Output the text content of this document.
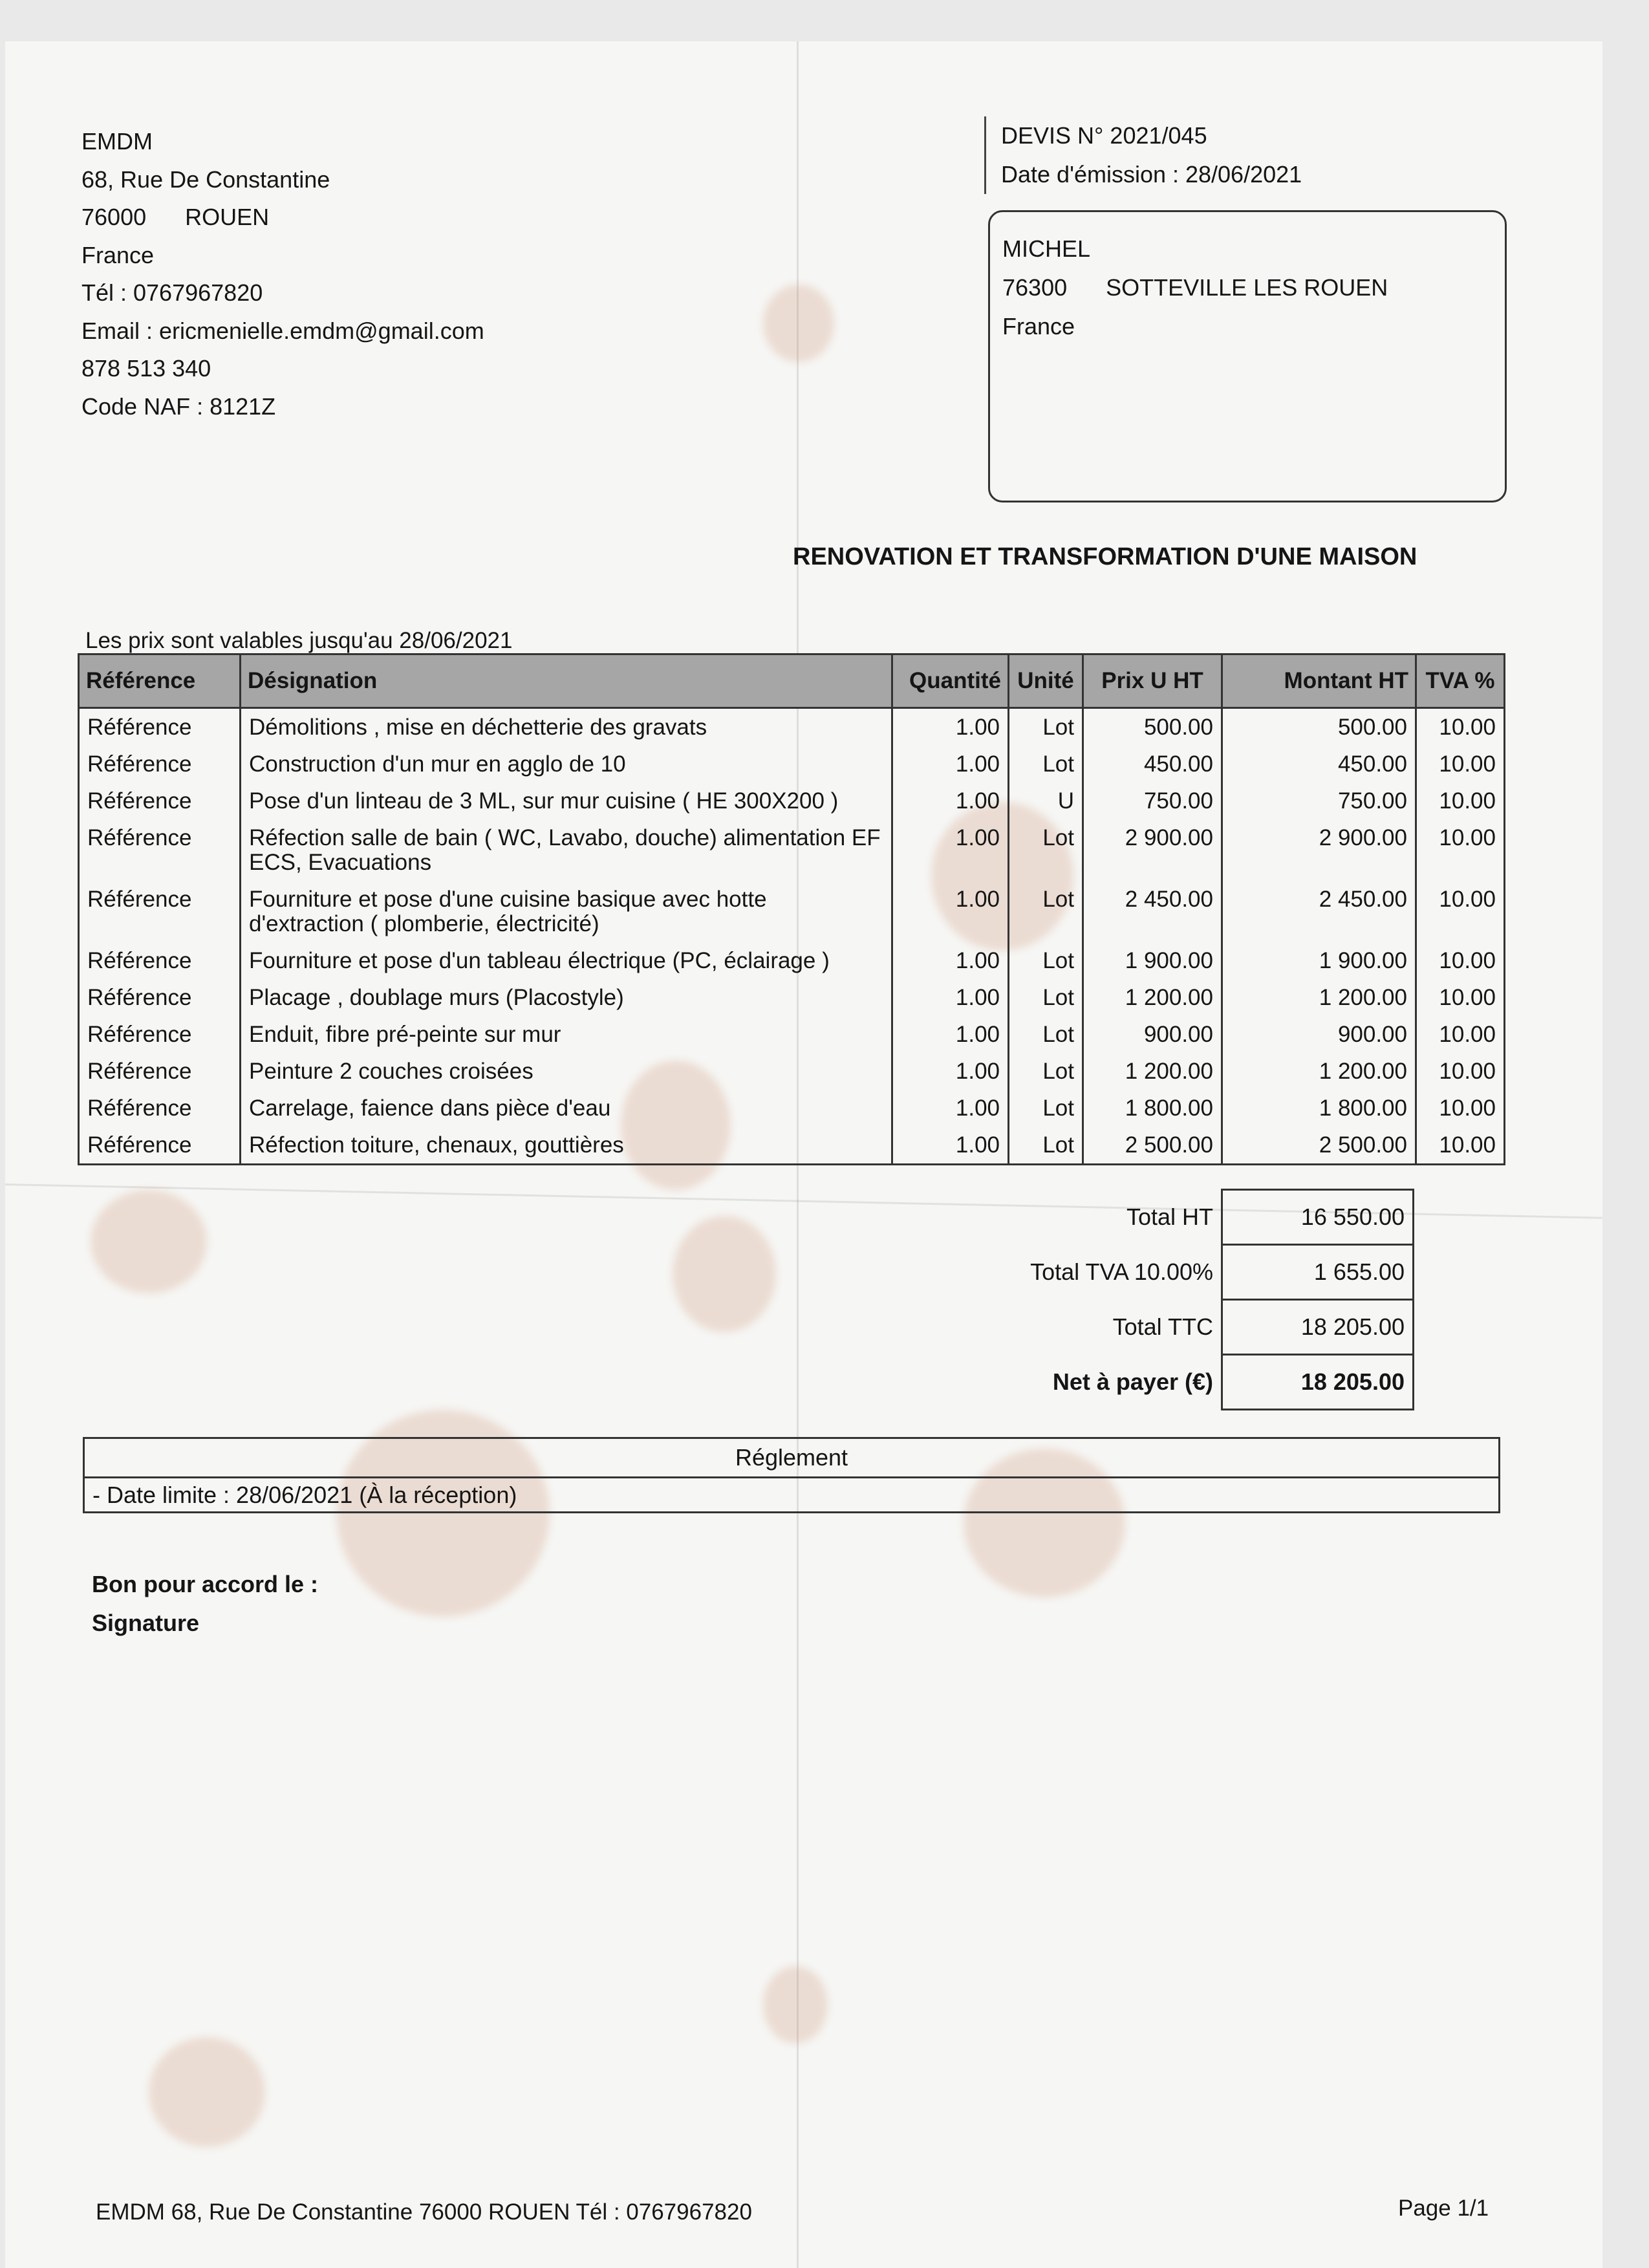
EMDM
68, Rue De Constantine
76000      ROUEN
France
Tél : 0767967820
Email : ericmenielle.emdm@gmail.com
878 513 340
Code NAF : 8121Z
DEVIS N° 2021/045
Date d'émission : 28/06/2021
MICHEL
76300      SOTTEVILLE LES ROUEN
France
RENOVATION ET TRANSFORMATION D'UNE MAISON
Les prix sont valables jusqu'au 28/06/2021
Référence	Désignation	Quantité	Unité	Prix U HT	Montant HT	TVA %
Référence	Démolitions , mise en déchetterie des gravats	1.00	Lot	500.00	500.00	10.00
Référence	Construction d'un mur en agglo de 10	1.00	Lot	450.00	450.00	10.00
Référence	Pose d'un linteau de 3 ML, sur mur cuisine ( HE 300X200 )	1.00	U	750.00	750.00	10.00
Référence	Réfection salle de bain ( WC, Lavabo, douche) alimentation EF ECS, Evacuations	1.00	Lot	2 900.00	2 900.00	10.00
Référence	Fourniture et pose d'une cuisine basique avec hotte d'extraction ( plomberie, électricité)	1.00	Lot	2 450.00	2 450.00	10.00
Référence	Fourniture et pose d'un tableau électrique (PC, éclairage )	1.00	Lot	1 900.00	1 900.00	10.00
Référence	Placage , doublage murs (Placostyle)	1.00	Lot	1 200.00	1 200.00	10.00
Référence	Enduit, fibre pré-peinte sur mur	1.00	Lot	900.00	900.00	10.00
Référence	Peinture 2 couches croisées	1.00	Lot	1 200.00	1 200.00	10.00
Référence	Carrelage, faience dans pièce d'eau	1.00	Lot	1 800.00	1 800.00	10.00
Référence	Réfection toiture, chenaux, gouttières	1.00	Lot	2 500.00	2 500.00	10.00
Total HT	16 550.00
Total TVA 10.00%	1 655.00
Total TTC	18 205.00
Net à payer (€)	18 205.00
Réglement
- Date limite : 28/06/2021 (À la réception)
Bon pour accord le :
Signature
EMDM 68, Rue De Constantine 76000 ROUEN Tél : 0767967820	Page 1/1
